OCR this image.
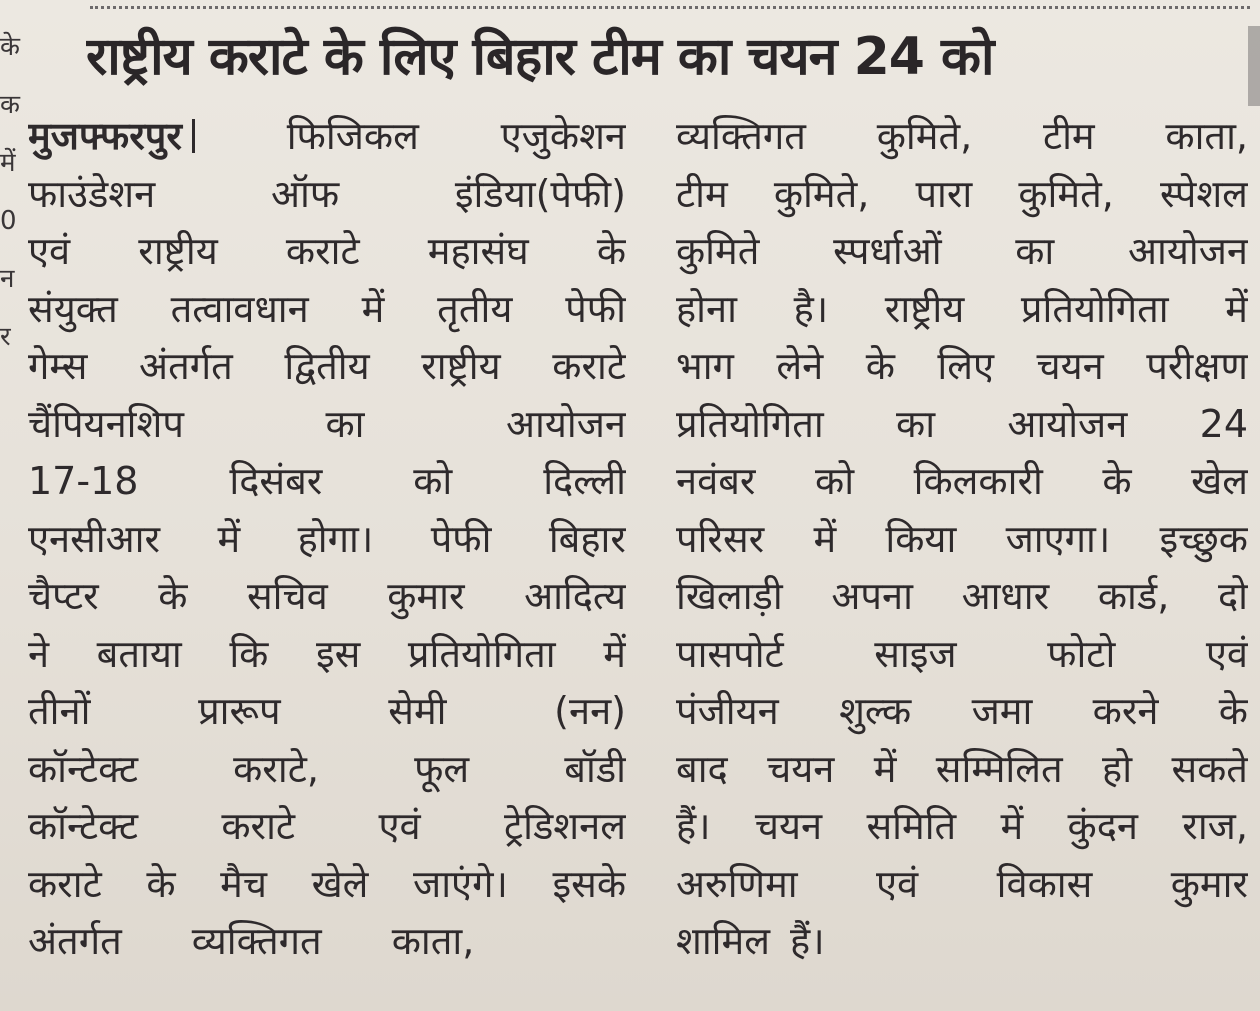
के
क
में
0
न
र
राष्ट्रीय कराटे के लिए बिहार टीम का चयन 24 को
मुजफ्फरपुर	फिजिकल एजुकेशन
फाउंडेशन	ऑफ	इंडिया(पेफी)
एवं राष्ट्रीय कराटे महासंघ के
संयुक्त तत्वावधान में तृतीय पेफी
गेम्स अंतर्गत द्वितीय राष्ट्रीय कराटे
चैंपियनशिप	का	आयोजन
17-18 दिसंबर को दिल्ली
एनसीआर में होगा। पेफी बिहार
चैप्टर के सचिव कुमार आदित्य
ने बताया कि इस प्रतियोगिता में
तीनों	प्रारूप	सेमी	(नन)
कॉन्टेक्ट	कराटे,	फूल	बॉडी
कॉन्टेक्ट कराटे एवं ट्रेडिशनल
कराटे के मैच खेले जाएंगे। इसके
अंतर्गत व्यक्तिगत काता,
व्यक्तिगत कुमिते, टीम काता,
टीम कुमिते, पारा कुमिते, स्पेशल
कुमिते स्पर्धाओं का आयोजन
होना है। राष्ट्रीय प्रतियोगिता में
भाग लेने के लिए चयन परीक्षण
प्रतियोगिता का आयोजन 24
नवंबर को किलकारी के खेल
परिसर में किया जाएगा। इच्छुक
खिलाड़ी अपना आधार कार्ड, दो
पासपोर्ट साइज फोटो एवं
पंजीयन शुल्क जमा करने के
बाद चयन में सम्मिलित हो सकते
हैं। चयन समिति में कुंदन राज,
अरुणिमा एवं विकास कुमार
शामिल हैं।
